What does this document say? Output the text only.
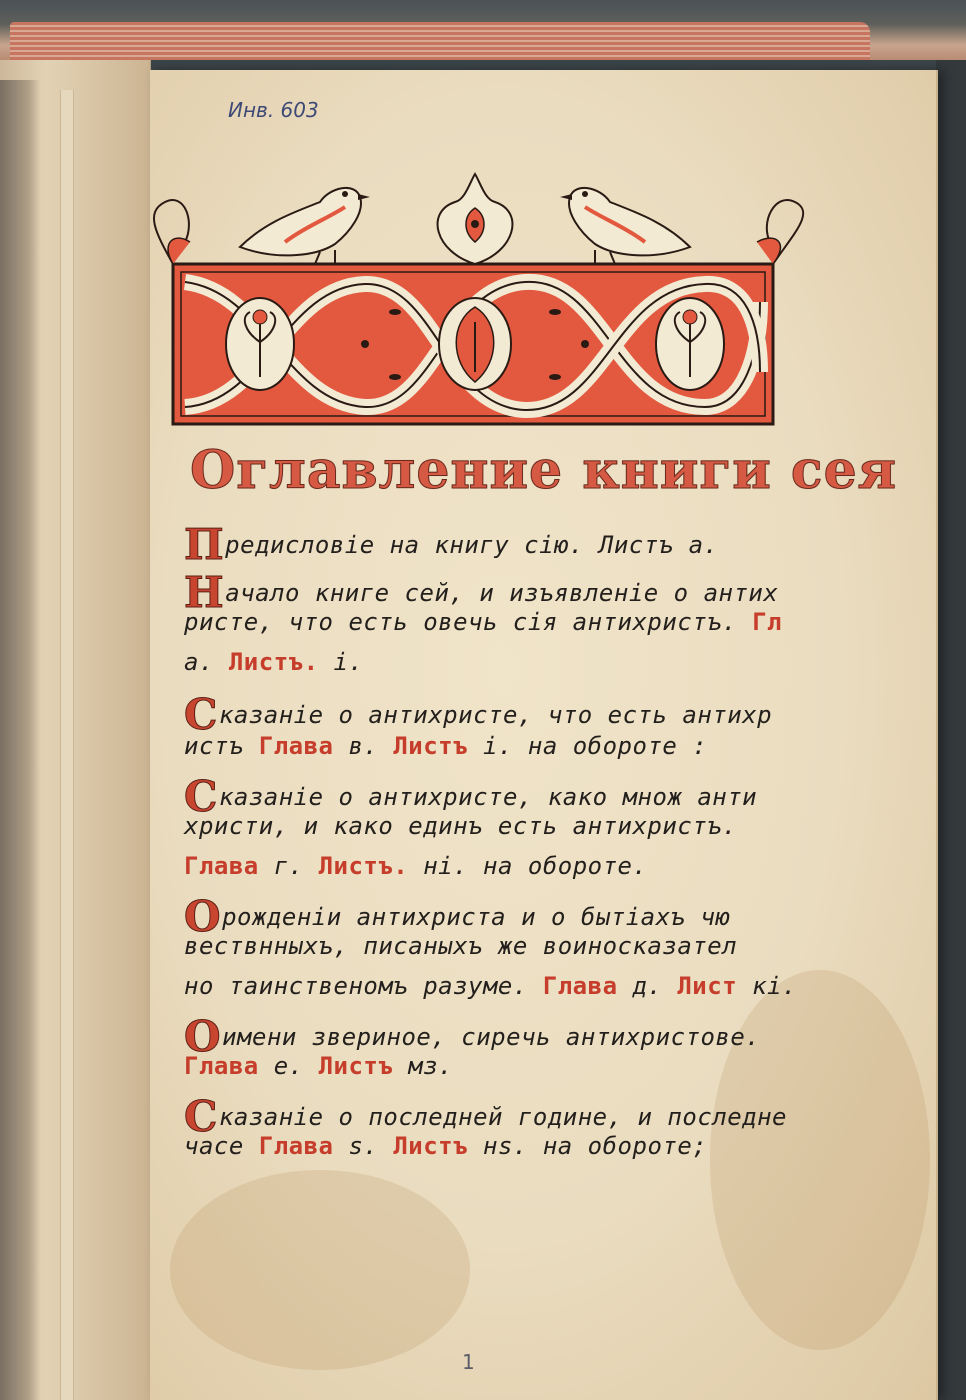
Инв. 603
Оглавление книги сея
Предисловіе на книгу сію. Листъ а.
Начало книге сей, и изъявленіе о антих
ристе, что есть овечь сія антихристъ. Гл
а. Листъ. і.
Сказаніе о антихристе, что есть антихр
истъ Глава в. Листъ і. на обороте :
Сказаніе о антихристе, како множ анти
христи, и како единъ есть антихристъ.
Глава г. Листъ. ні. на обороте.
Орожденіи антихриста и о бытіахъ чю
вествнныхъ, писаныхъ же воиносказател
но таинственомъ разуме. Глава д. Лист кі.
Оимени звериное, сиречь антихристове.
Глава е. Листъ мз.
Сказаніе о последней године, и последне
часе Глава s. Листъ нs. на обороте;
1
